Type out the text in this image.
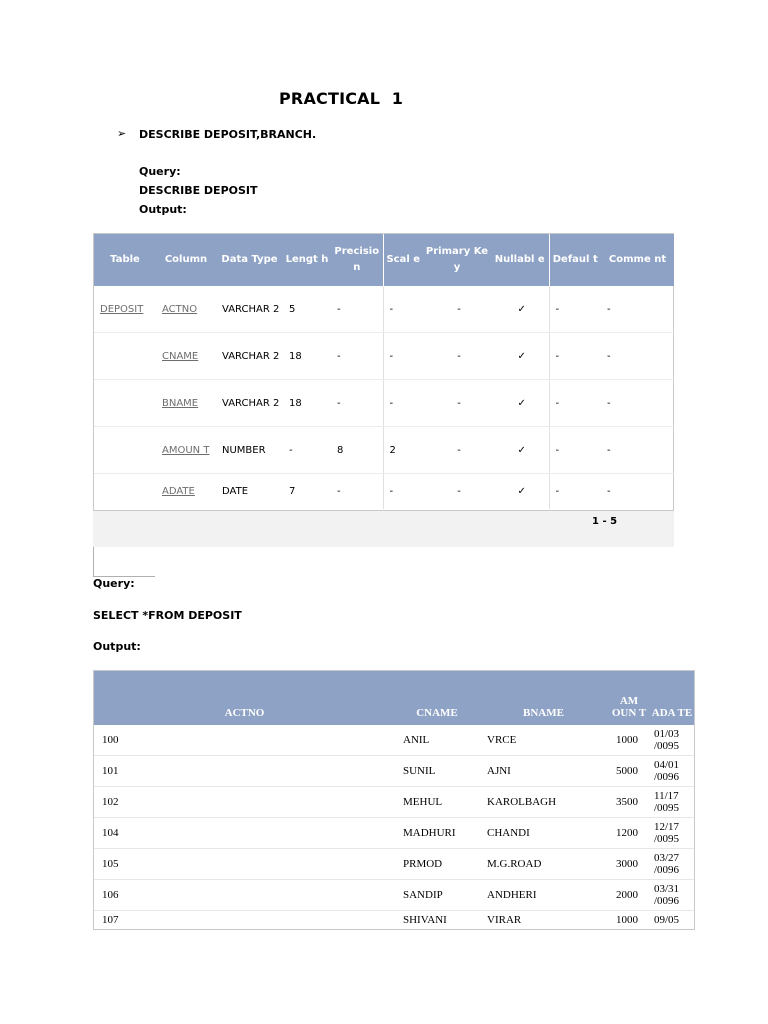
PRACTICAL  1
➢ DESCRIBE DEPOSIT,BRANCH.
Query:
DESCRIBE DEPOSIT
Output:
Table	Column	Data Type	Lengt h	Precisio n	Scal e	Primary Key	Nullabl e	Defaul t	Comme nt
DEPOSIT	ACTNO	VARCHAR 2	5	-	-	-	✓	-	-
	CNAME	VARCHAR 2	18	-	-	-	✓	-	-
	BNAME	VARCHAR 2	18	-	-	-	✓	-	-
	AMOUN T	NUMBER	-	8	2	-	✓	-	-
	ADATE	DATE	7	-	-	-	✓	-	-
1 - 5
Query:
SELECT *FROM DEPOSIT
Output:
ACTNO	CNAME	BNAME	AM OUN T	ADA TE
100	ANIL	VRCE	1000	01/03 /0095
101	SUNIL	AJNI	5000	04/01 /0096
102	MEHUL	KAROLBAGH	3500	11/17 /0095
104	MADHURI	CHANDI	1200	12/17 /0095
105	PRMOD	M.G.ROAD	3000	03/27 /0096
106	SANDIP	ANDHERI	2000	03/31 /0096
107	SHIVANI	VIRAR	1000	09/05
